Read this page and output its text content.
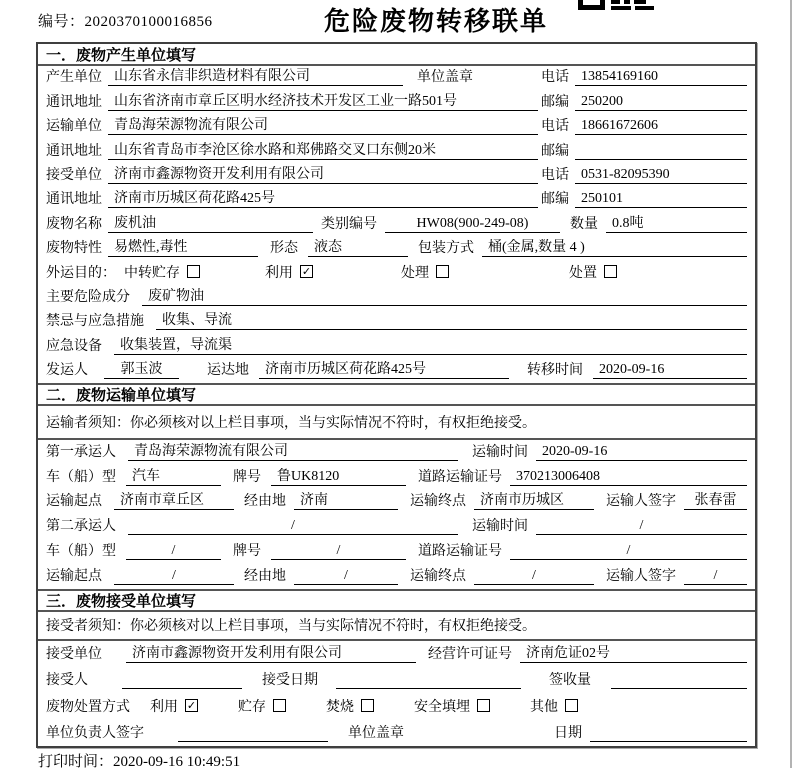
编号：2020370100016856	危险废物转移联单
一．废物产生单位填写
产生单位 山东省永信非织造材料有限公司	单位盖章	电话 13854169160
通讯地址 山东省济南市章丘区明水经济技术开发区工业一路501号	邮编 250200
运输单位 青岛海荣源物流有限公司	电话 18661672606
通讯地址 山东省青岛市李沧区徐水路和郑佛路交叉口东侧20米	邮编
接受单位 济南市鑫源物资开发利用有限公司	电话 0531-82095390
通讯地址 济南市历城区荷花路425号	邮编 250101
废物名称 废机油	类别编号	HW08(900-249-08)	数量	0.8吨
废物特性 易燃性,毒性	形态	液态	包装方式	桶(金属,数量 4 )
外运目的： 中转贮存	利用 ✓	处理	处置
主要危险成分	废矿物油
禁忌与应急措施	收集、导流
应急设备	收集装置，导流渠
发运人	郭玉波	运达地	济南市历城区荷花路425号	转移时间	2020-09-16
二．废物运输单位填写
运输者须知：你必须核对以上栏目事项，当与实际情况不符时，有权拒绝接受。
第一承运人	青岛海荣源物流有限公司	运输时间	2020-09-16
车（船）型	汽车	牌号	鲁UK8120	道路运输证号	370213006408
运输起点	济南市章丘区	经由地	济南	运输终点	济南市历城区	运输人签字	张春雷
第二承运人	/	运输时间	/
车（船）型	/	牌号	/	道路运输证号	/
运输起点	/	经由地	/	运输终点	/	运输人签字	/
三．废物接受单位填写
接受者须知：你必须核对以上栏目事项，当与实际情况不符时，有权拒绝接受。
接受单位	济南市鑫源物资开发利用有限公司	经营许可证号	济南危证02号
接受人	接受日期	签收量
废物处置方式 利用 ✓	贮存	焚烧	安全填埋	其他
单位负责人签字	单位盖章	日期
打印时间：2020-09-16 10:49:51
